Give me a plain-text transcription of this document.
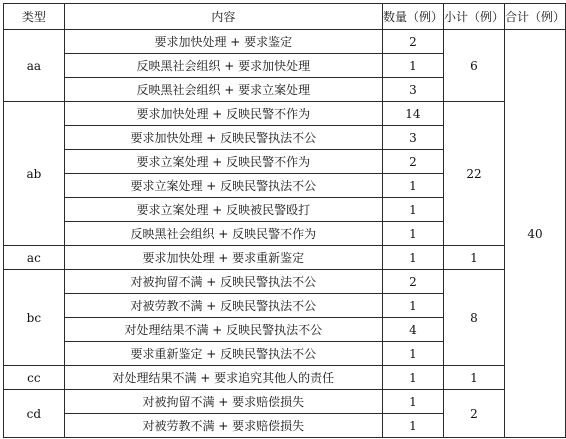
类型	内容	数量（例）	小计（例）	合计（例）
aa	要求加快处理 + 要求鉴定	2	6	40
	反映黑社会组织 + 要求加快处理	1		
	反映黑社会组织 + 要求立案处理	3		
ab	要求加快处理 + 反映民警不作为	14	22	
	要求加快处理 + 反映民警执法不公	3		
	要求立案处理 + 反映民警不作为	2		
	要求立案处理 + 反映民警执法不公	1		
	要求立案处理 + 反映被民警殴打	1		
	反映黑社会组织 + 反映民警不作为	1		
ac	要求加快处理 + 要求重新鉴定	1	1	
bc	对被拘留不满 + 反映民警执法不公	2	8	
	对被劳教不满 + 反映民警执法不公	1		
	对处理结果不满 + 反映民警执法不公	4		
	要求重新鉴定 + 反映民警执法不公	1		
cc	对处理结果不满 + 要求追究其他人的责任	1	1	
cd	对被拘留不满 + 要求赔偿损失	1	2	
	对被劳教不满 + 要求赔偿损失	1		
